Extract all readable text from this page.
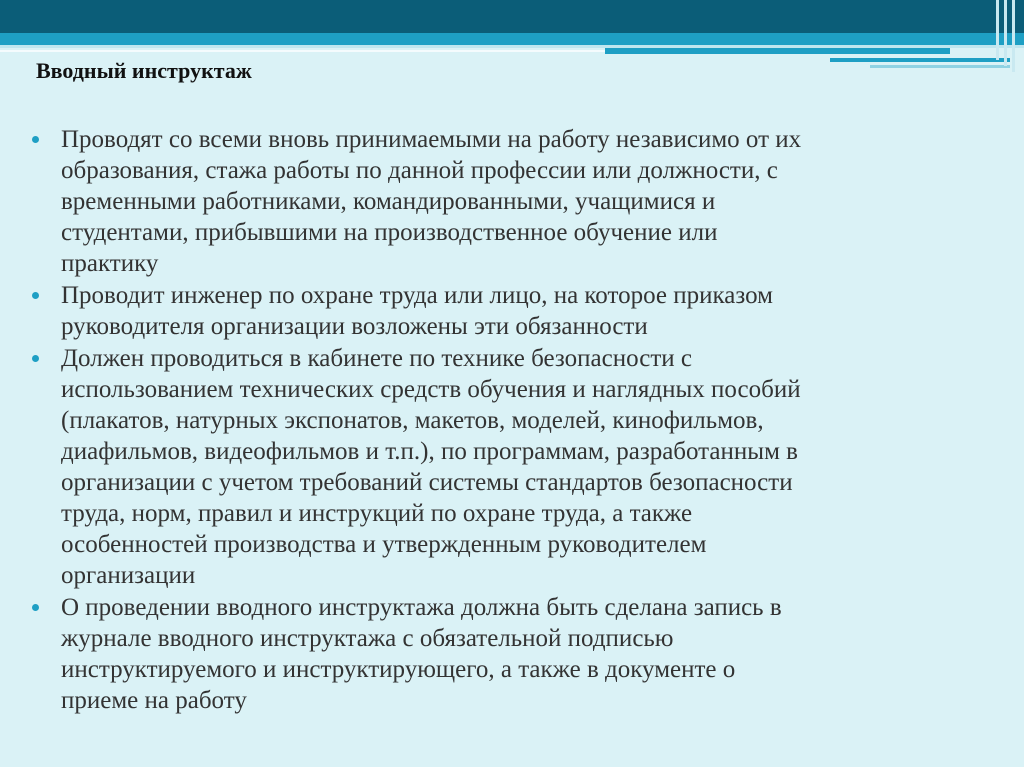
Вводный инструктаж
Проводят со всеми вновь принимаемыми на работу независимо от их
образования, стажа работы по данной профессии или должности, с
временными работниками, командированными, учащимися и
студентами, прибывшими на производственное обучение или
практику
Проводит инженер по охране труда или лицо, на которое приказом
руководителя организации возложены эти обязанности
Должен проводиться в кабинете по технике безопасности с
использованием технических средств обучения и наглядных пособий
(плакатов, натурных экспонатов, макетов, моделей, кинофильмов,
диафильмов, видеофильмов и т.п.), по программам, разработанным в
организации с учетом требований системы стандартов безопасности
труда, норм, правил и инструкций по охране труда, а также
особенностей производства и утвержденным руководителем
организации
О проведении вводного инструктажа должна быть сделана запись в
журнале вводного инструктажа с обязательной подписью
инструктируемого и инструктирующего, а также в документе о
приеме на работу
